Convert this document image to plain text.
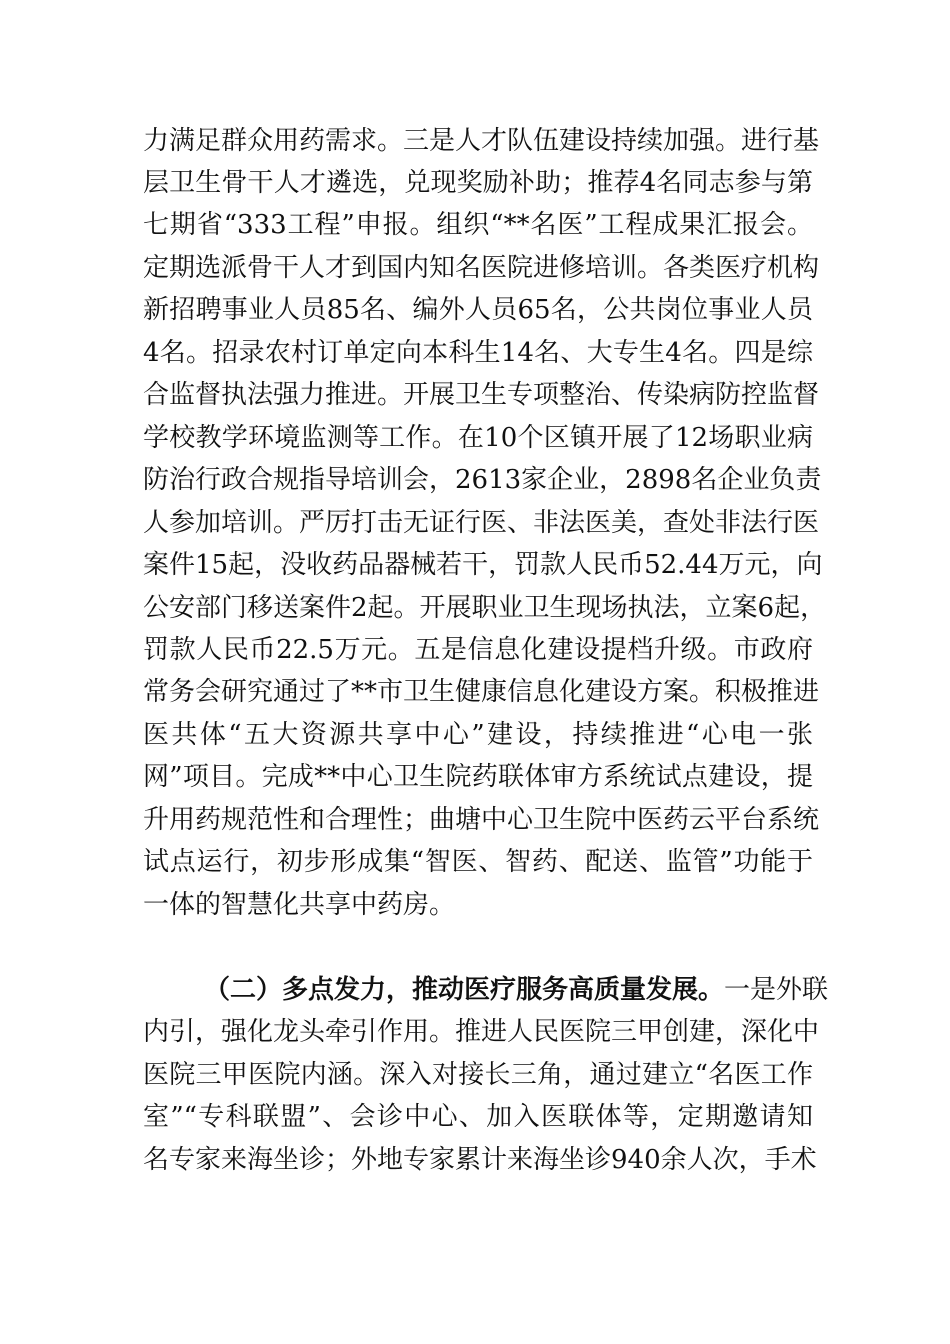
力满足群众用药需求。三是人才队伍建设持续加强。进行基
层卫生骨干人才遴选，兑现奖励补助；推荐4名同志参与第
七期省“333工程”申报。组织“**名医”工程成果汇报会。
定期选派骨干人才到国内知名医院进修培训。各类医疗机构
新招聘事业人员85名、编外人员65名，公共岗位事业人员
4名。招录农村订单定向本科生14名、大专生4名。四是综
合监督执法强力推进。开展卫生专项整治、传染病防控监督
学校教学环境监测等工作。在10个区镇开展了12场职业病
防治行政合规指导培训会，2613家企业，2898名企业负责
人参加培训。严厉打击无证行医、非法医美，查处非法行医
案件15起，没收药品器械若干，罚款人民币52.44万元，向
公安部门移送案件2起。开展职业卫生现场执法，立案6起，
罚款人民币22.5万元。五是信息化建设提档升级。市政府
常务会研究通过了**市卫生健康信息化建设方案。积极推进
医共体“五大资源共享中心”建设，持续推进“心电一张
网”项目。完成**中心卫生院药联体审方系统试点建设，提
升用药规范性和合理性；曲塘中心卫生院中医药云平台系统
试点运行，初步形成集“智医、智药、配送、监管”功能于
一体的智慧化共享中药房。
（二）多点发力，推动医疗服务高质量发展。一是外联
内引，强化龙头牵引作用。推进人民医院三甲创建，深化中
医院三甲医院内涵。深入对接长三角，通过建立“名医工作
室”“专科联盟”、会诊中心、加入医联体等，定期邀请知
名专家来海坐诊；外地专家累计来海坐诊940余人次，手术
